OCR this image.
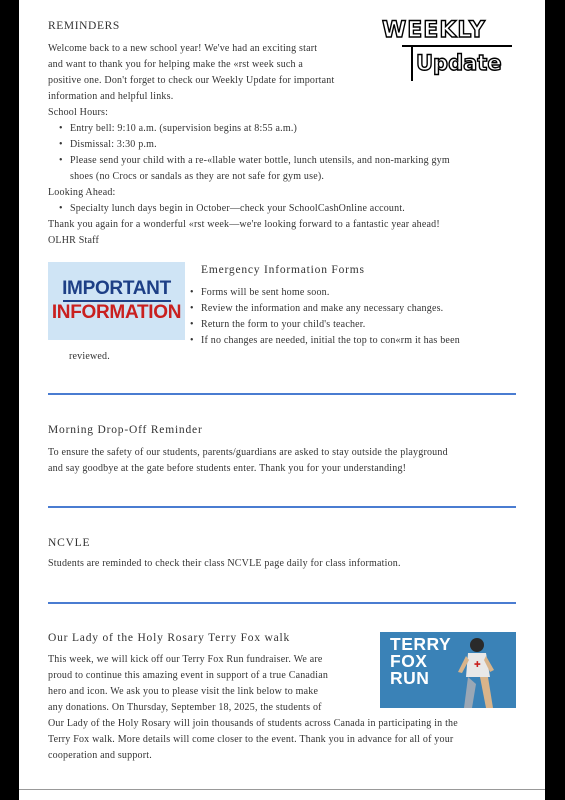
WEEKLY
Update
REMINDERS
Welcome back to a new school year! We've had an exciting start
and want to thank you for helping make the «rst week such a
positive one. Don't forget to check our Weekly Update for important
information and helpful links.
School Hours:
• Entry bell: 9:10 a.m. (supervision begins at 8:55 a.m.)
• Dismissal: 3:30 p.m.
• Please send your child with a re-«llable water bottle, lunch utensils, and non-marking gym
shoes (no Crocs or sandals as they are not safe for gym use).
Looking Ahead:
• Specialty lunch days begin in October—check your SchoolCashOnline account.
Thank you again for a wonderful «rst week—we're looking forward to a fantastic year ahead!
OLHR Staff
IMPORTANT
INFORMATION
Emergency Information Forms
• Forms will be sent home soon.
• Review the information and make any necessary changes.
• Return the form to your child's teacher.
• If no changes are needed, initial the top to con«rm it has been
reviewed.
Morning Drop-Off Reminder
To ensure the safety of our students, parents/guardians are asked to stay outside the playground
and say goodbye at the gate before students enter. Thank you for your understanding!
NCVLE
Students are reminded to check their class NCVLE page daily for class information.
Our Lady of the Holy Rosary Terry Fox walk
This week, we will kick off our Terry Fox Run fundraiser. We are
proud to continue this amazing event in support of a true Canadian
hero and icon. We ask you to please visit the link below to make
any donations. On Thursday, September 18, 2025, the students of
Our Lady of the Holy Rosary will join thousands of students across Canada in participating in the
Terry Fox walk. More details will come closer to the event. Thank you in advance for all of your
cooperation and support.
TERRY
FOX
RUN
✚
